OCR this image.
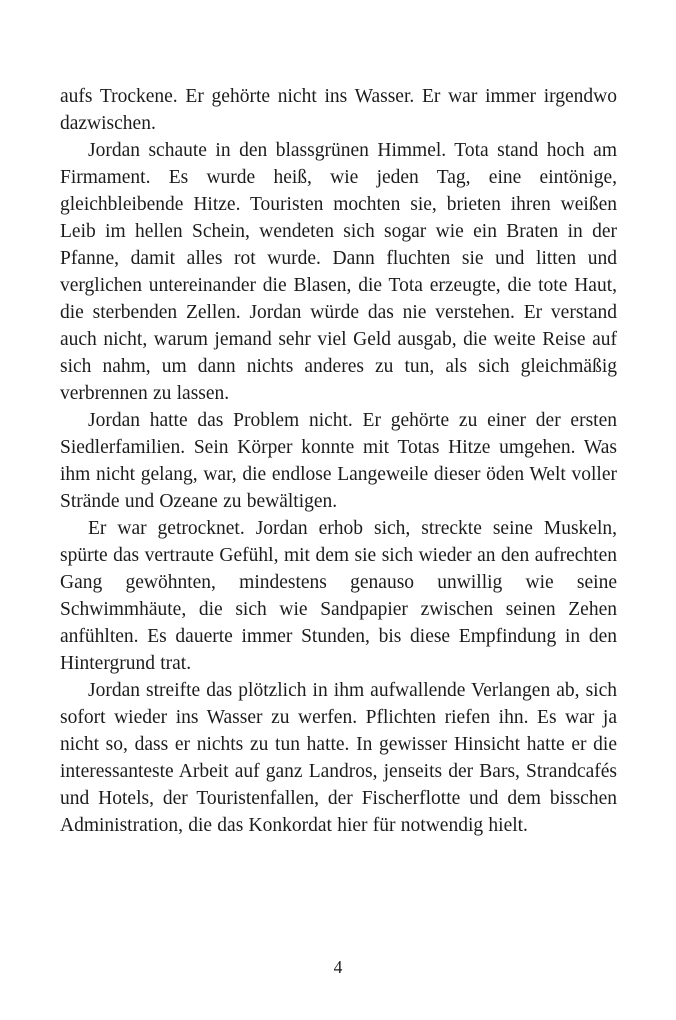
aufs Trockene. Er gehörte nicht ins Wasser. Er war immer irgendwo dazwischen.

Jordan schaute in den blassgrünen Himmel. Tota stand hoch am Firmament. Es wurde heiß, wie jeden Tag, eine eintönige, gleichbleibende Hitze. Touristen mochten sie, brieten ihren weißen Leib im hellen Schein, wendeten sich sogar wie ein Braten in der Pfanne, damit alles rot wurde. Dann fluchten sie und litten und verglichen untereinander die Blasen, die Tota erzeugte, die tote Haut, die sterbenden Zellen. Jordan würde das nie verstehen. Er verstand auch nicht, warum jemand sehr viel Geld ausgab, die weite Reise auf sich nahm, um dann nichts anderes zu tun, als sich gleichmäßig verbrennen zu lassen.

Jordan hatte das Problem nicht. Er gehörte zu einer der ersten Siedlerfamilien. Sein Körper konnte mit Totas Hitze umgehen. Was ihm nicht gelang, war, die endlose Langeweile dieser öden Welt voller Strände und Ozeane zu bewältigen.

Er war getrocknet. Jordan erhob sich, streckte seine Muskeln, spürte das vertraute Gefühl, mit dem sie sich wieder an den aufrechten Gang gewöhnten, mindestens genauso unwillig wie seine Schwimmhäute, die sich wie Sandpapier zwischen seinen Zehen anfühlten. Es dauerte immer Stunden, bis diese Empfindung in den Hintergrund trat.

Jordan streifte das plötzlich in ihm aufwallende Verlangen ab, sich sofort wieder ins Wasser zu werfen. Pflichten riefen ihn. Es war ja nicht so, dass er nichts zu tun hatte. In gewisser Hinsicht hatte er die interessanteste Arbeit auf ganz Landros, jenseits der Bars, Strandcafés und Hotels, der Touristenfallen, der Fischerflotte und dem bisschen Administration, die das Konkordat hier für notwendig hielt.

4
